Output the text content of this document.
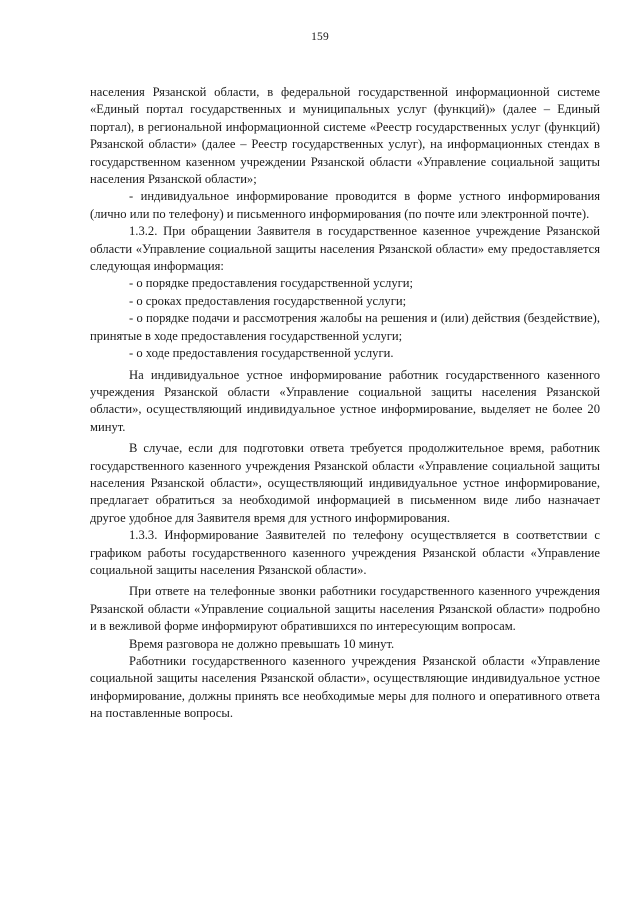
159

населения Рязанской области, в федеральной государственной информационной системе «Единый портал государственных и муниципальных услуг (функций)» (далее – Единый портал), в региональной информационной системе «Реестр государственных услуг (функций) Рязанской области» (далее – Реестр государственных услуг), на информационных стендах в государственном казенном учреждении Рязанской области «Управление социальной защиты населения Рязанской области»;

- индивидуальное информирование проводится в форме устного информирования (лично или по телефону) и письменного информирования (по почте или электронной почте).

1.3.2. При обращении Заявителя в государственное казенное учреждение Рязанской области «Управление социальной защиты населения Рязанской области» ему предоставляется следующая информация:

- о порядке предоставления государственной услуги;

- о сроках предоставления государственной услуги;

- о порядке подачи и рассмотрения жалобы на решения и (или) действия (бездействие), принятые в ходе предоставления государственной услуги;

- о ходе предоставления государственной услуги.

На индивидуальное устное информирование работник государственного казенного учреждения Рязанской области «Управление социальной защиты населения Рязанской области», осуществляющий индивидуальное устное информирование, выделяет не более 20 минут.

В случае, если для подготовки ответа требуется продолжительное время, работник государственного казенного учреждения Рязанской области «Управление социальной защиты населения Рязанской области», осуществляющий индивидуальное устное информирование, предлагает обратиться за необходимой информацией в письменном виде либо назначает другое удобное для Заявителя время для устного информирования.

1.3.3. Информирование Заявителей по телефону осуществляется в соответствии с графиком работы государственного казенного учреждения Рязанской области «Управление социальной защиты населения Рязанской области».

При ответе на телефонные звонки работники государственного казенного учреждения Рязанской области «Управление социальной защиты населения Рязанской области» подробно и в вежливой форме информируют обратившихся по интересующим вопросам.

Время разговора не должно превышать 10 минут.

Работники государственного казенного учреждения Рязанской области «Управление социальной защиты населения Рязанской области», осуществляющие индивидуальное устное информирование, должны принять все необходимые меры для полного и оперативного ответа на поставленные вопросы.
